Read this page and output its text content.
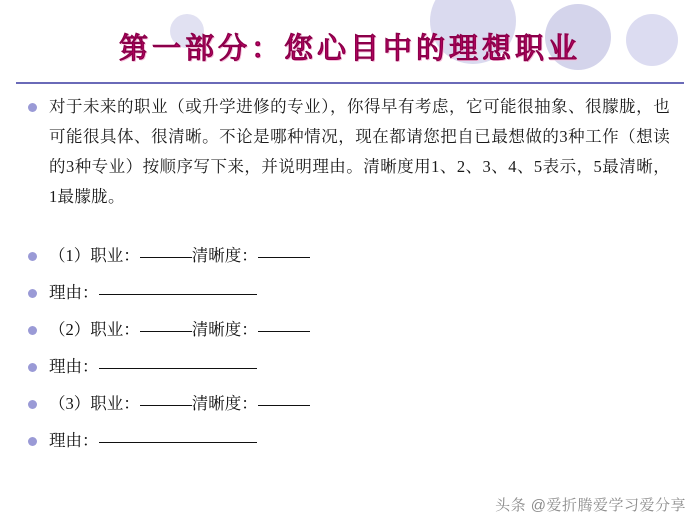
第一部分：您心目中的理想职业
对于未来的职业（或升学进修的专业），你得早有考虑，它可能很抽象、很朦胧，也可能很具体、很清晰。不论是哪种情况，现在都请您把自已最想做的3种工作（想读的3种专业）按顺序写下来，并说明理由。清晰度用1、2、3、4、5表示，5最清晰，1最朦胧。
（1）职业：	清晰度：
理由：
（2）职业：	清晰度：
理由：
（3）职业：	清晰度：
理由：
头条 @爱折腾爱学习爱分享
